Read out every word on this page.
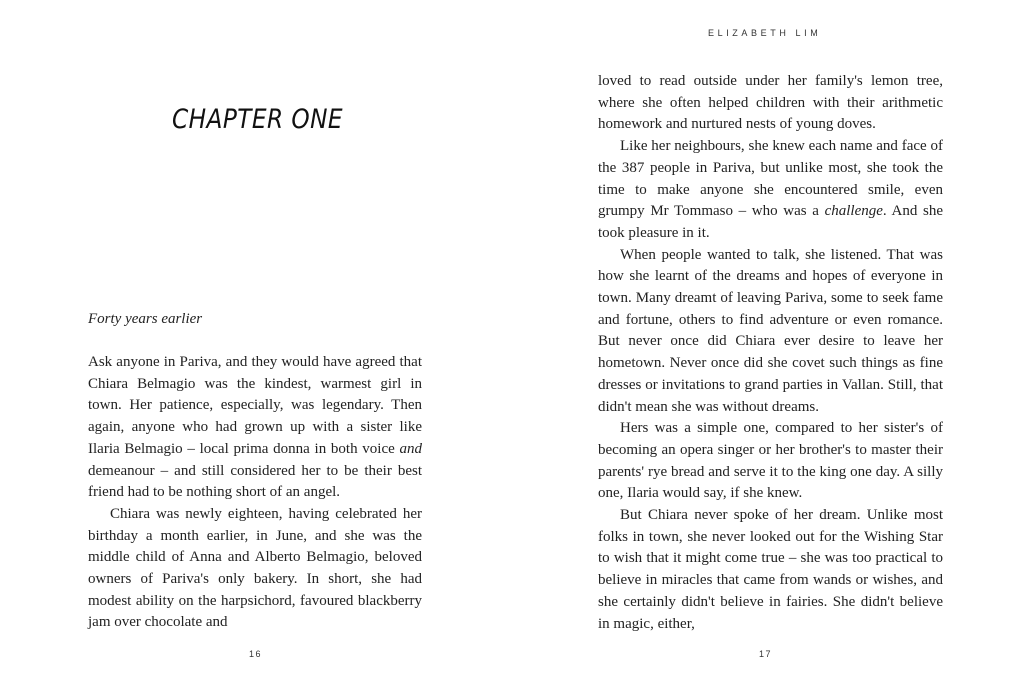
CHAPTER ONE
Forty years earlier

Ask anyone in Pariva, and they would have agreed that Chiara Belmagio was the kindest, warmest girl in town. Her patience, especially, was legendary. Then again, anyone who had grown up with a sister like Ilaria Belmagio – local prima donna in both voice and demeanour – and still considered her to be their best friend had to be nothing short of an angel.

Chiara was newly eighteen, having celebrated her birthday a month earlier, in June, and she was the middle child of Anna and Alberto Belmagio, beloved owners of Pariva's only bakery. In short, she had modest ability on the harpsichord, favoured blackberry jam over chocolate and

16
ELIZABETH LIM

loved to read outside under her family's lemon tree, where she often helped children with their arithmetic homework and nurtured nests of young doves.

Like her neighbours, she knew each name and face of the 387 people in Pariva, but unlike most, she took the time to make anyone she encountered smile, even grumpy Mr Tommaso – who was a challenge. And she took pleasure in it.

When people wanted to talk, she listened. That was how she learnt of the dreams and hopes of everyone in town. Many dreamt of leaving Pariva, some to seek fame and fortune, others to find adventure or even romance. But never once did Chiara ever desire to leave her hometown. Never once did she covet such things as fine dresses or invitations to grand parties in Vallan. Still, that didn't mean she was without dreams.

Hers was a simple one, compared to her sister's of becoming an opera singer or her brother's to master their parents' rye bread and serve it to the king one day. A silly one, Ilaria would say, if she knew.

But Chiara never spoke of her dream. Unlike most folks in town, she never looked out for the Wishing Star to wish that it might come true – she was too practical to believe in miracles that came from wands or wishes, and she certainly didn't believe in fairies. She didn't believe in magic, either,

17
